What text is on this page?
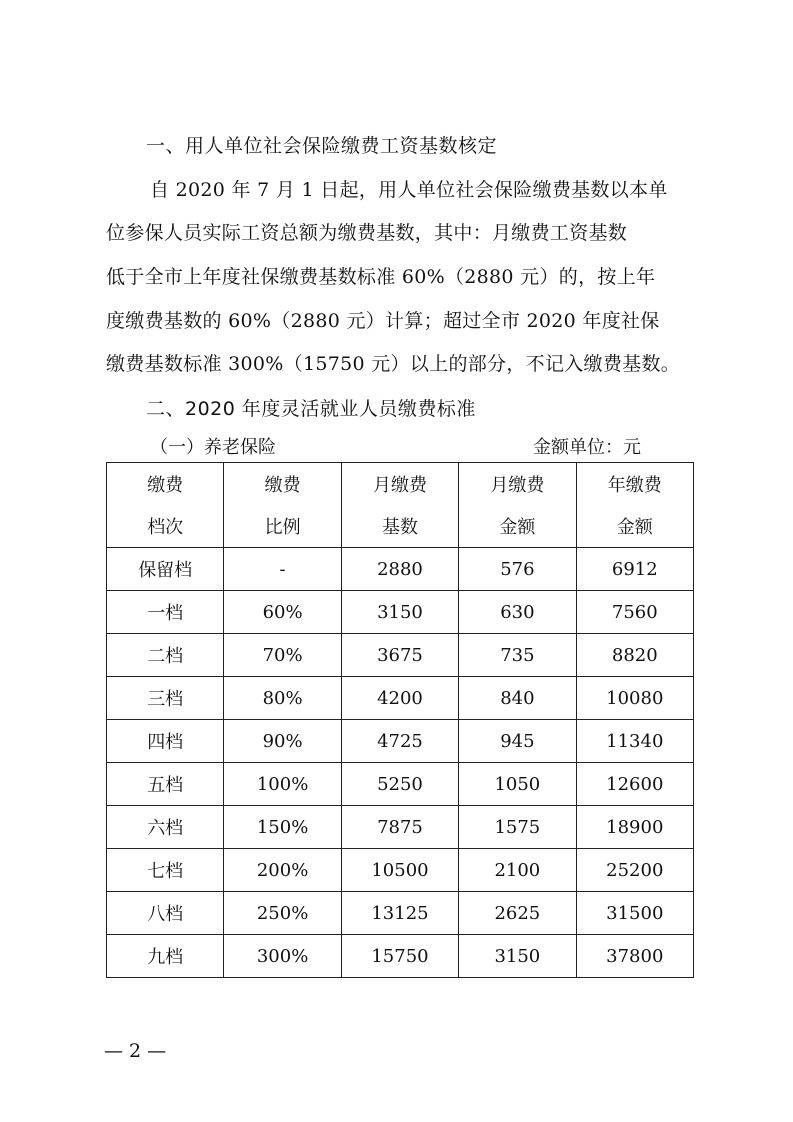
一、用人单位社会保险缴费工资基数核定
自 2020 年 7 月 1 日起，用人单位社会保险缴费基数以本单
位参保人员实际工资总额为缴费基数，其中：月缴费工资基数
低于全市上年度社保缴费基数标准 60%（2880 元）的，按上年
度缴费基数的 60%（2880 元）计算；超过全市 2020 年度社保
缴费基数标准 300%（15750 元）以上的部分，不记入缴费基数。
二、2020 年度灵活就业人员缴费标准
（一）养老保险	金额单位：元
缴费	缴费	月缴费	月缴费	年缴费
档次	比例	基数	金额	金额
保留档	-	2880	576	6912
一档	60%	3150	630	7560
二档	70%	3675	735	8820
三档	80%	4200	840	10080
四档	90%	4725	945	11340
五档	100%	5250	1050	12600
六档	150%	7875	1575	18900
七档	200%	10500	2100	25200
八档	250%	13125	2625	31500
九档	300%	15750	3150	37800
— 2 —
